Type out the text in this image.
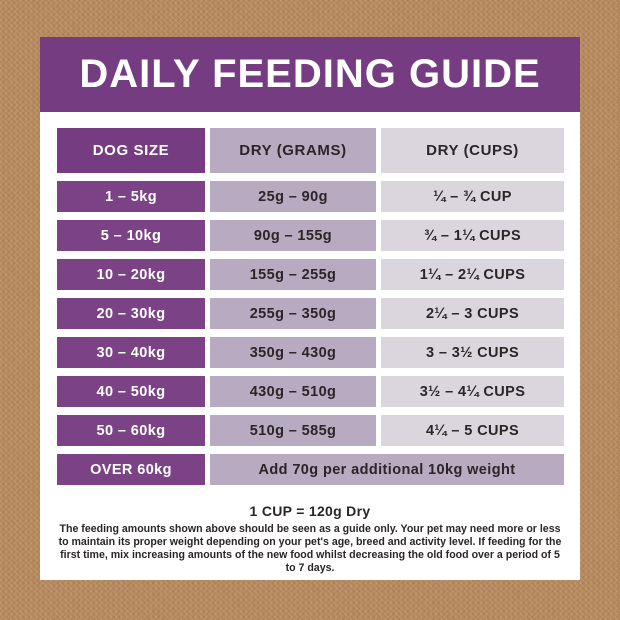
DAILY FEEDING GUIDE
DOG SIZE	DRY (GRAMS)	DRY (CUPS)
1 – 5kg	25g – 90g	¼ – ¾ CUP
5 – 10kg	90g – 155g	¾ – 1¼ CUPS
10 – 20kg	155g – 255g	1¼ – 2¼ CUPS
20 – 30kg	255g – 350g	2¼ – 3 CUPS
30 – 40kg	350g – 430g	3 – 3½ CUPS
40 – 50kg	430g – 510g	3½ – 4¼ CUPS
50 – 60kg	510g – 585g	4¼ – 5 CUPS
OVER 60kg	Add 70g per additional 10kg weight
1 CUP = 120g Dry
The feeding amounts shown above should be seen as a guide only. Your pet may need more or less to maintain its proper weight depending on your pet's age, breed and activity level. If feeding for the first time, mix increasing amounts of the new food whilst decreasing the old food over a period of 5 to 7 days.
